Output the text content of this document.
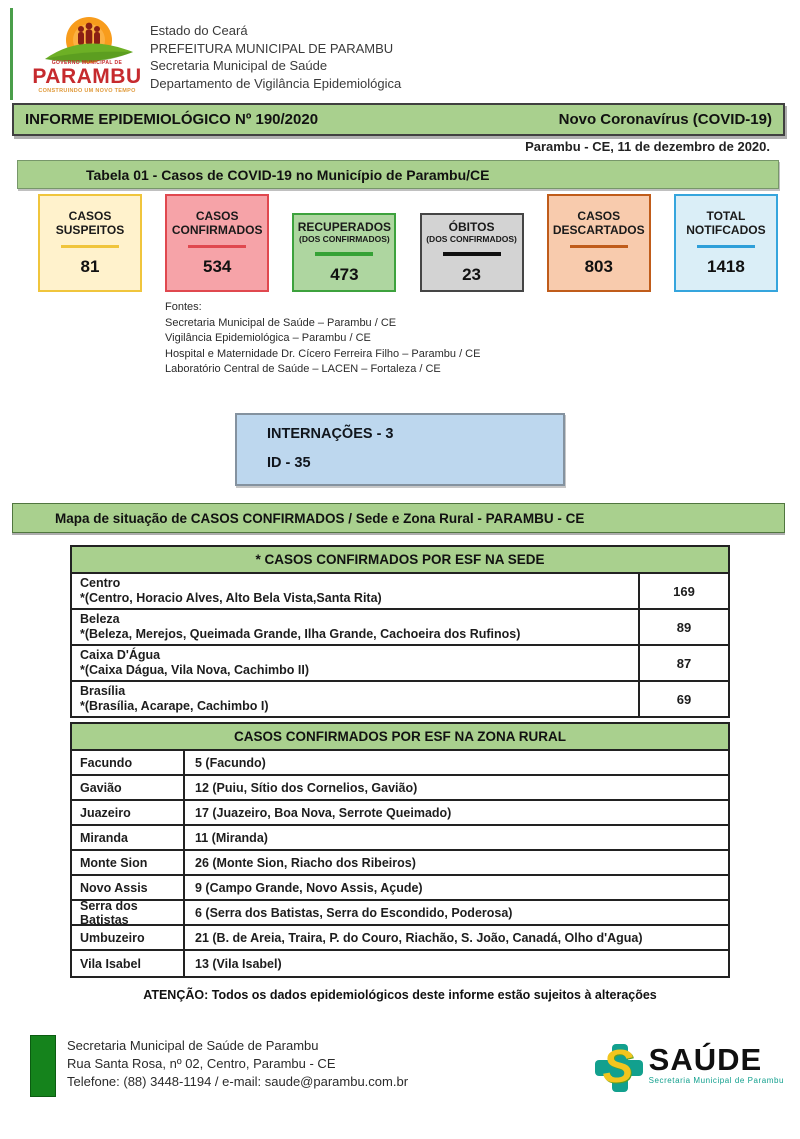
GOVERNO MUNICIPAL DE
PARAMBU
CONSTRUINDO UM NOVO TEMPO
Estado do Ceará
PREFEITURA MUNICIPAL DE PARAMBU
Secretaria Municipal de Saúde
Departamento de Vigilância Epidemiológica
INFORME EPIDEMIOLÓGICO Nº 190/2020	Novo Coronavírus (COVID-19)
Parambu - CE, 11 de dezembro de 2020.
Tabela 01 - Casos de COVID-19 no Município de Parambu/CE
CASOS SUSPEITOS
81
CASOS CONFIRMADOS
534
RECUPERADOS
(DOS CONFIRMADOS)
473
ÓBITOS
(DOS CONFIRMADOS)
23
CASOS DESCARTADOS
803
TOTAL NOTIFCADOS
1418
Fontes:
Secretaria Municipal de Saúde – Parambu / CE
Vigilância Epidemiológica – Parambu / CE
Hospital e Maternidade Dr. Cícero Ferreira Filho – Parambu / CE
Laboratório Central de Saúde – LACEN – Fortaleza / CE
INTERNAÇÕES - 3
ID - 35
Mapa de situação de CASOS CONFIRMADOS / Sede e Zona Rural - PARAMBU - CE
* CASOS CONFIRMADOS POR ESF NA SEDE
Centro
*(Centro, Horacio Alves, Alto Bela Vista,Santa Rita)	169
Beleza
*(Beleza, Merejos, Queimada Grande, Ilha Grande, Cachoeira dos Rufinos)	89
Caixa D'Água
*(Caixa Dágua, Vila Nova, Cachimbo II)	87
Brasília
*(Brasília, Acarape, Cachimbo I)	69
CASOS CONFIRMADOS POR ESF NA ZONA RURAL
Facundo	5 (Facundo)
Gavião	12 (Puiu, Sítio dos Cornelios, Gavião)
Juazeiro	17 (Juazeiro, Boa Nova, Serrote Queimado)
Miranda	11 (Miranda)
Monte Sion	26 (Monte Sion, Riacho dos Ribeiros)
Novo Assis	9 (Campo Grande, Novo Assis, Açude)
Serra dos Batistas	6 (Serra dos Batistas, Serra do Escondido, Poderosa)
Umbuzeiro	21 (B. de Areia, Traira, P. do Couro, Riachão, S. João, Canadá, Olho d'Agua)
Vila Isabel	13 (Vila Isabel)
ATENÇÃO: Todos os dados epidemiológicos deste informe estão sujeitos à alterações
Secretaria Municipal de Saúde de Parambu
Rua Santa Rosa, nº 02, Centro, Parambu - CE
Telefone: (88) 3448-1194 / e-mail: saude@parambu.com.br	S SAÚDE
Secretaria Municipal de Parambu
